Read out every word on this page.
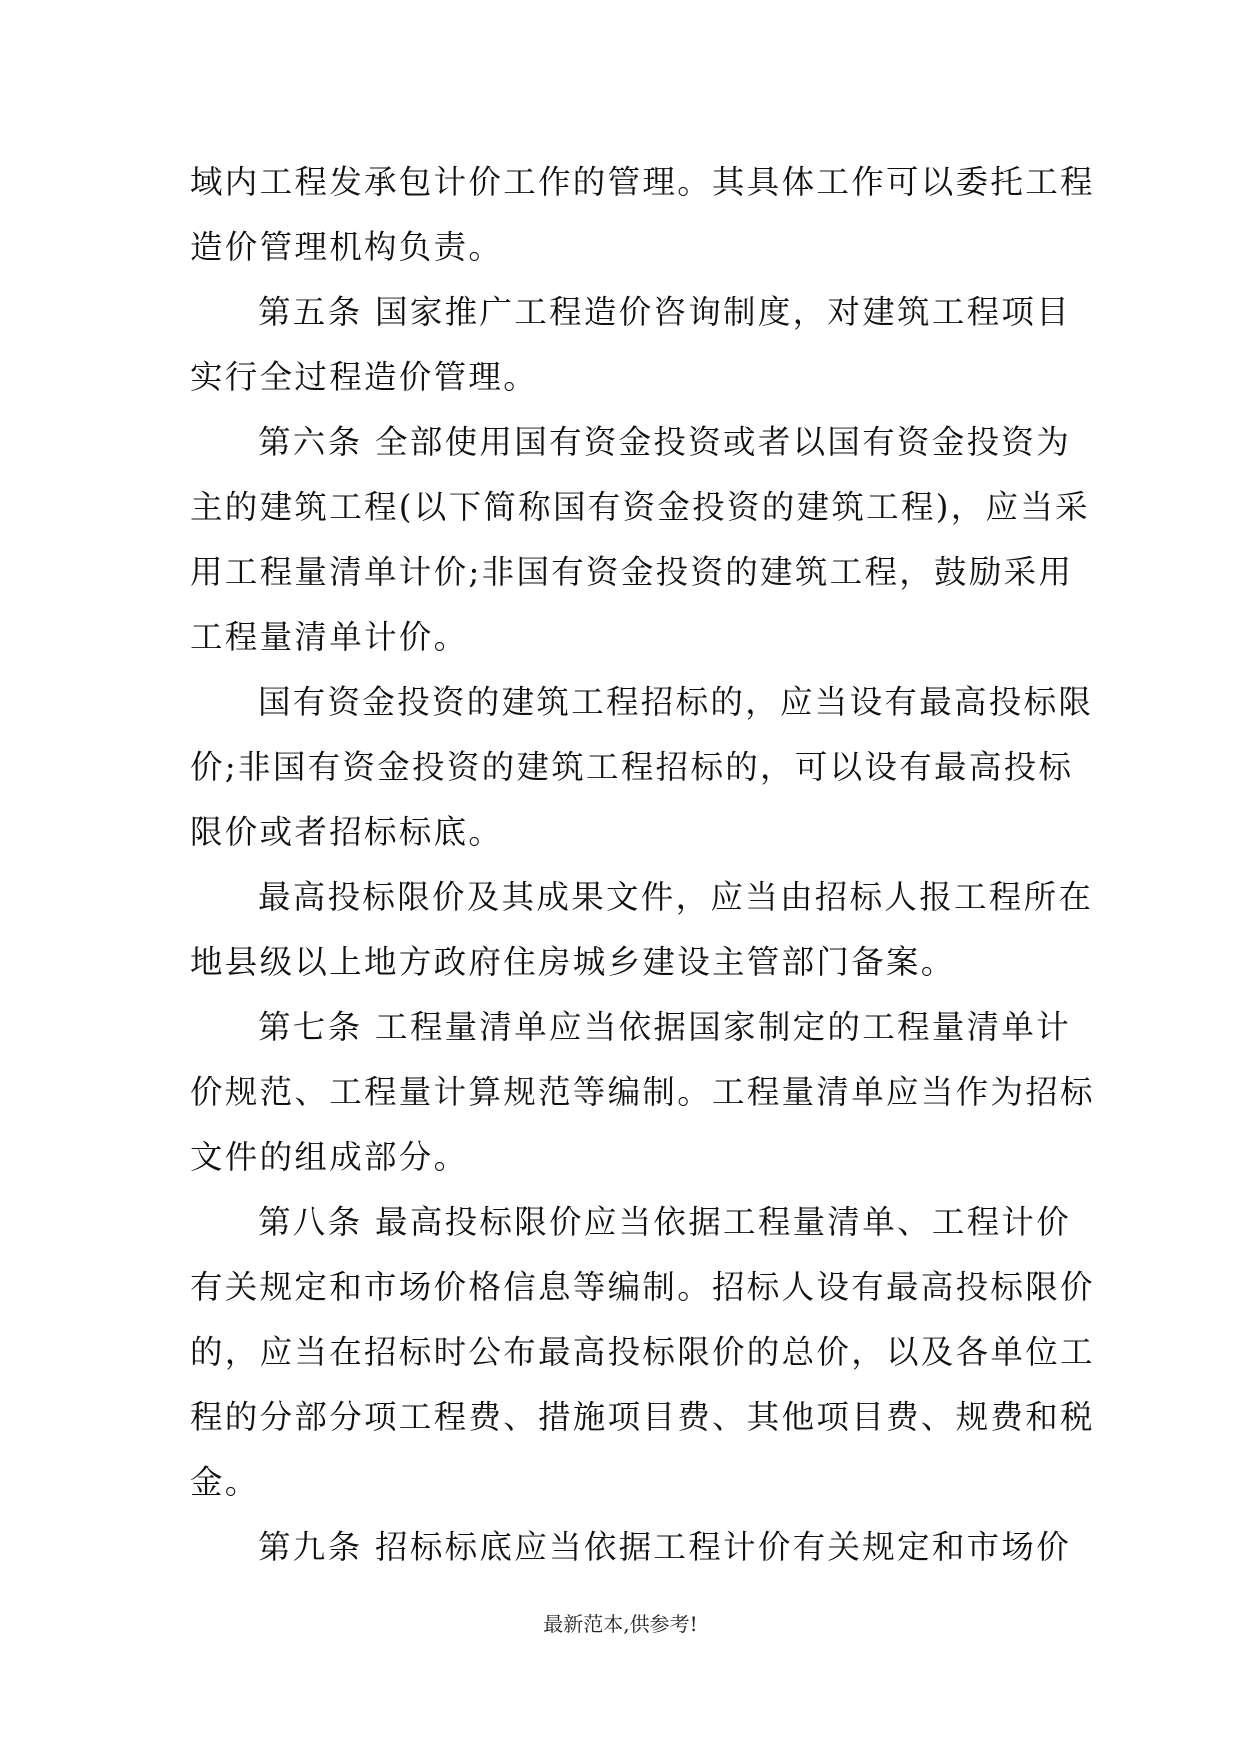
域内工程发承包计价工作的管理。其具体工作可以委托工程
造价管理机构负责。
第五条 国家推广工程造价咨询制度，对建筑工程项目
实行全过程造价管理。
第六条 全部使用国有资金投资或者以国有资金投资为
主的建筑工程(以下简称国有资金投资的建筑工程)，应当采
用工程量清单计价;非国有资金投资的建筑工程，鼓励采用
工程量清单计价。
国有资金投资的建筑工程招标的，应当设有最高投标限
价;非国有资金投资的建筑工程招标的，可以设有最高投标
限价或者招标标底。
最高投标限价及其成果文件，应当由招标人报工程所在
地县级以上地方政府住房城乡建设主管部门备案。
第七条 工程量清单应当依据国家制定的工程量清单计
价规范、工程量计算规范等编制。工程量清单应当作为招标
文件的组成部分。
第八条 最高投标限价应当依据工程量清单、工程计价
有关规定和市场价格信息等编制。招标人设有最高投标限价
的，应当在招标时公布最高投标限价的总价，以及各单位工
程的分部分项工程费、措施项目费、其他项目费、规费和税
金。
第九条 招标标底应当依据工程计价有关规定和市场价
最新范本,供参考!
